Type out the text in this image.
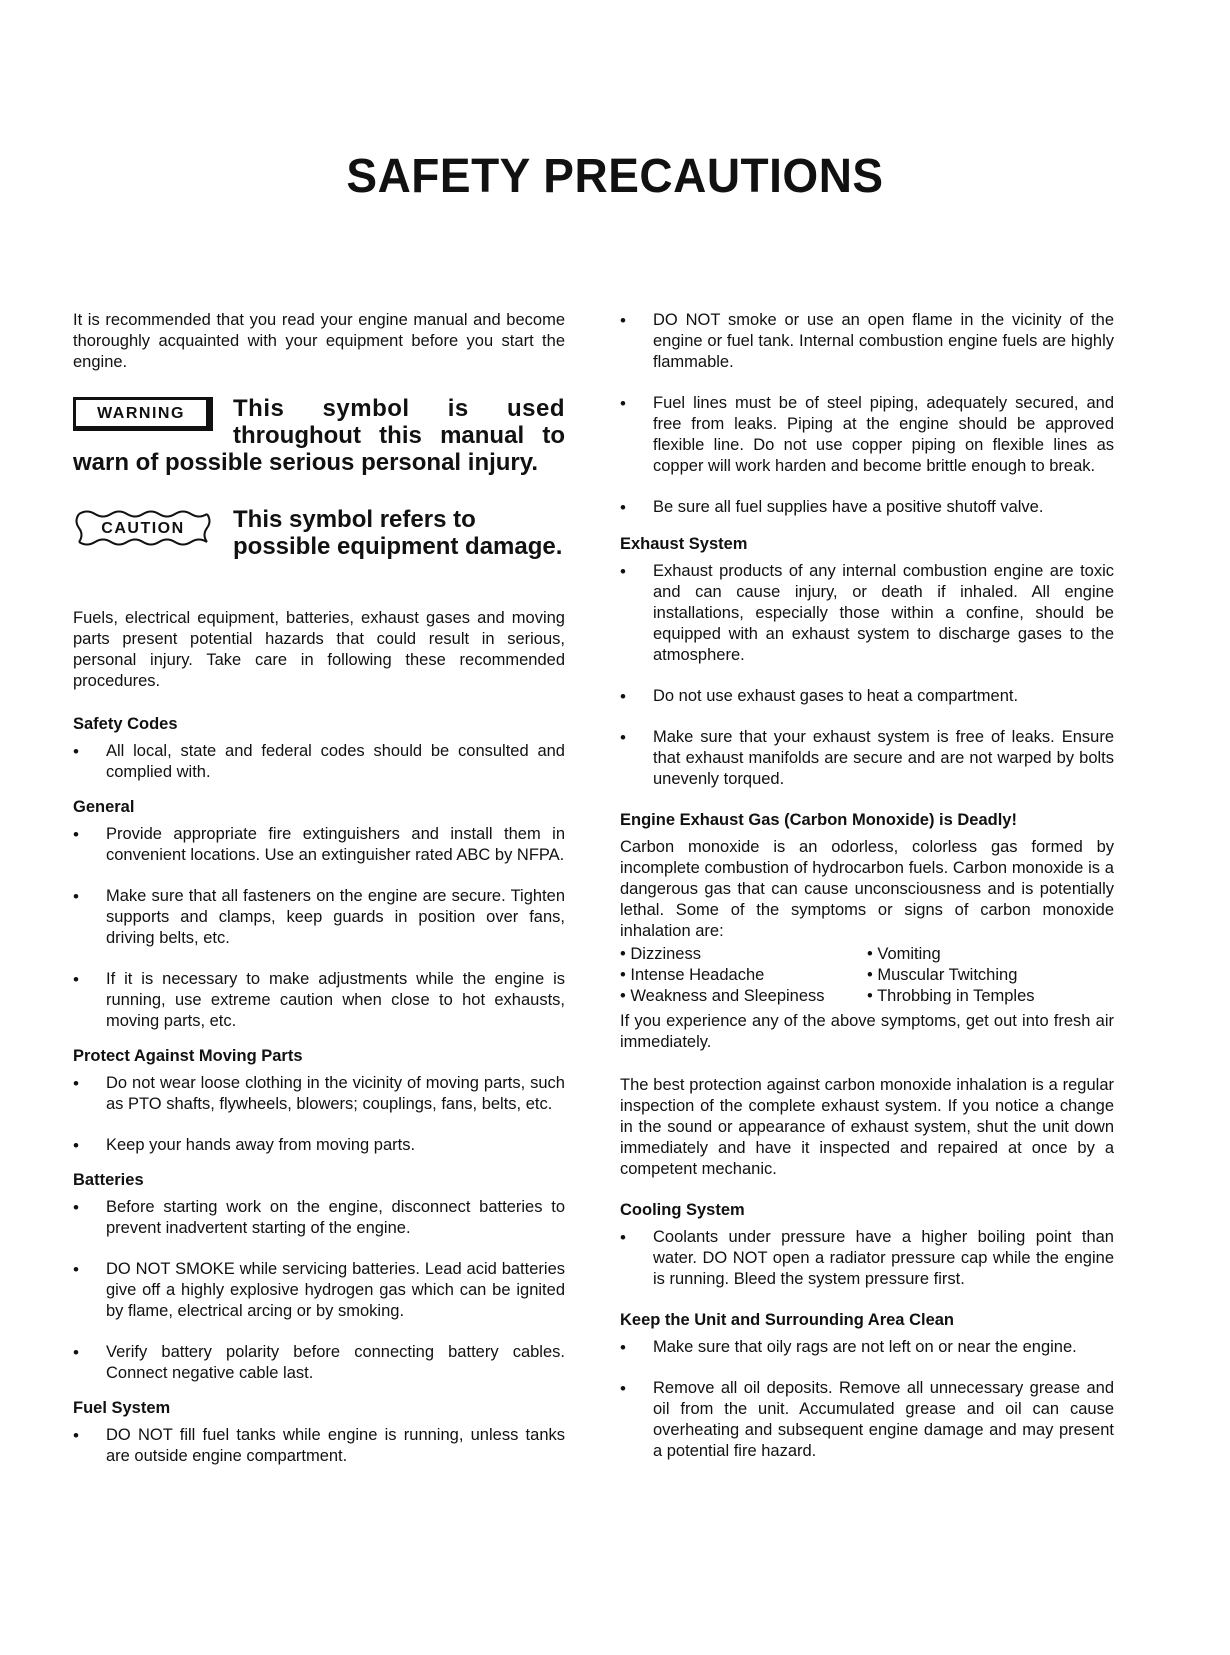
SAFETY PRECAUTIONS

It is recommended that you read your engine manual and become thoroughly acquainted with your equipment before you start the engine.

WARNING	This symbol is used
throughout this manual to
warn of possible serious personal injury.
CAUTION	This symbol refers to possible equipment damage.

Fuels, electrical equipment, batteries, exhaust gases and moving parts present potential hazards that could result in serious, personal injury. Take care in following these recommended procedures.

Safety Codes
• All local, state and federal codes should be consulted and complied with.
General
• Provide appropriate fire extinguishers and install them in convenient locations. Use an extinguisher rated ABC by NFPA.
• Make sure that all fasteners on the engine are secure. Tighten supports and clamps, keep guards in position over fans, driving belts, etc.
• If it is necessary to make adjustments while the engine is running, use extreme caution when close to hot exhausts, moving parts, etc.
Protect Against Moving Parts
• Do not wear loose clothing in the vicinity of moving parts, such as PTO shafts, flywheels, blowers; couplings, fans, belts, etc.
• Keep your hands away from moving parts.
Batteries
• Before starting work on the engine, disconnect batteries to prevent inadvertent starting of the engine.
• DO NOT SMOKE while servicing batteries. Lead acid batteries give off a highly explosive hydrogen gas which can be ignited by flame, electrical arcing or by smoking.
• Verify battery polarity before connecting battery cables. Connect negative cable last.
Fuel System
• DO NOT fill fuel tanks while engine is running, unless tanks are outside engine compartment.
• DO NOT smoke or use an open flame in the vicinity of the engine or fuel tank. Internal combustion engine fuels are highly flammable.
• Fuel lines must be of steel piping, adequately secured, and free from leaks. Piping at the engine should be approved flexible line. Do not use copper piping on flexible lines as copper will work harden and become brittle enough to break.
• Be sure all fuel supplies have a positive shutoff valve.
Exhaust System
• Exhaust products of any internal combustion engine are toxic and can cause injury, or death if inhaled. All engine installations, especially those within a confine, should be equipped with an exhaust system to discharge gases to the atmosphere.
• Do not use exhaust gases to heat a compartment.
• Make sure that your exhaust system is free of leaks. Ensure that exhaust manifolds are secure and are not warped by bolts unevenly torqued.
Engine Exhaust Gas (Carbon Monoxide) is Deadly!

Carbon monoxide is an odorless, colorless gas formed by incomplete combustion of hydrocarbon fuels. Carbon monoxide is a dangerous gas that can cause unconsciousness and is potentially lethal. Some of the symptoms or signs of carbon monoxide inhalation are:

• Dizziness	• Vomiting
• Intense Headache	• Muscular Twitching
• Weakness and Sleepiness	• Throbbing in Temples

If you experience any of the above symptoms, get out into fresh air immediately.

The best protection against carbon monoxide inhalation is a regular inspection of the complete exhaust system. If you notice a change in the sound or appearance of exhaust system, shut the unit down immediately and have it inspected and repaired at once by a competent mechanic.

Cooling System
• Coolants under pressure have a higher boiling point than water. DO NOT open a radiator pressure cap while the engine is running. Bleed the system pressure first.
Keep the Unit and Surrounding Area Clean
• Make sure that oily rags are not left on or near the engine.
• Remove all oil deposits. Remove all unnecessary grease and oil from the unit. Accumulated grease and oil can cause overheating and subsequent engine damage and may present a potential fire hazard.
